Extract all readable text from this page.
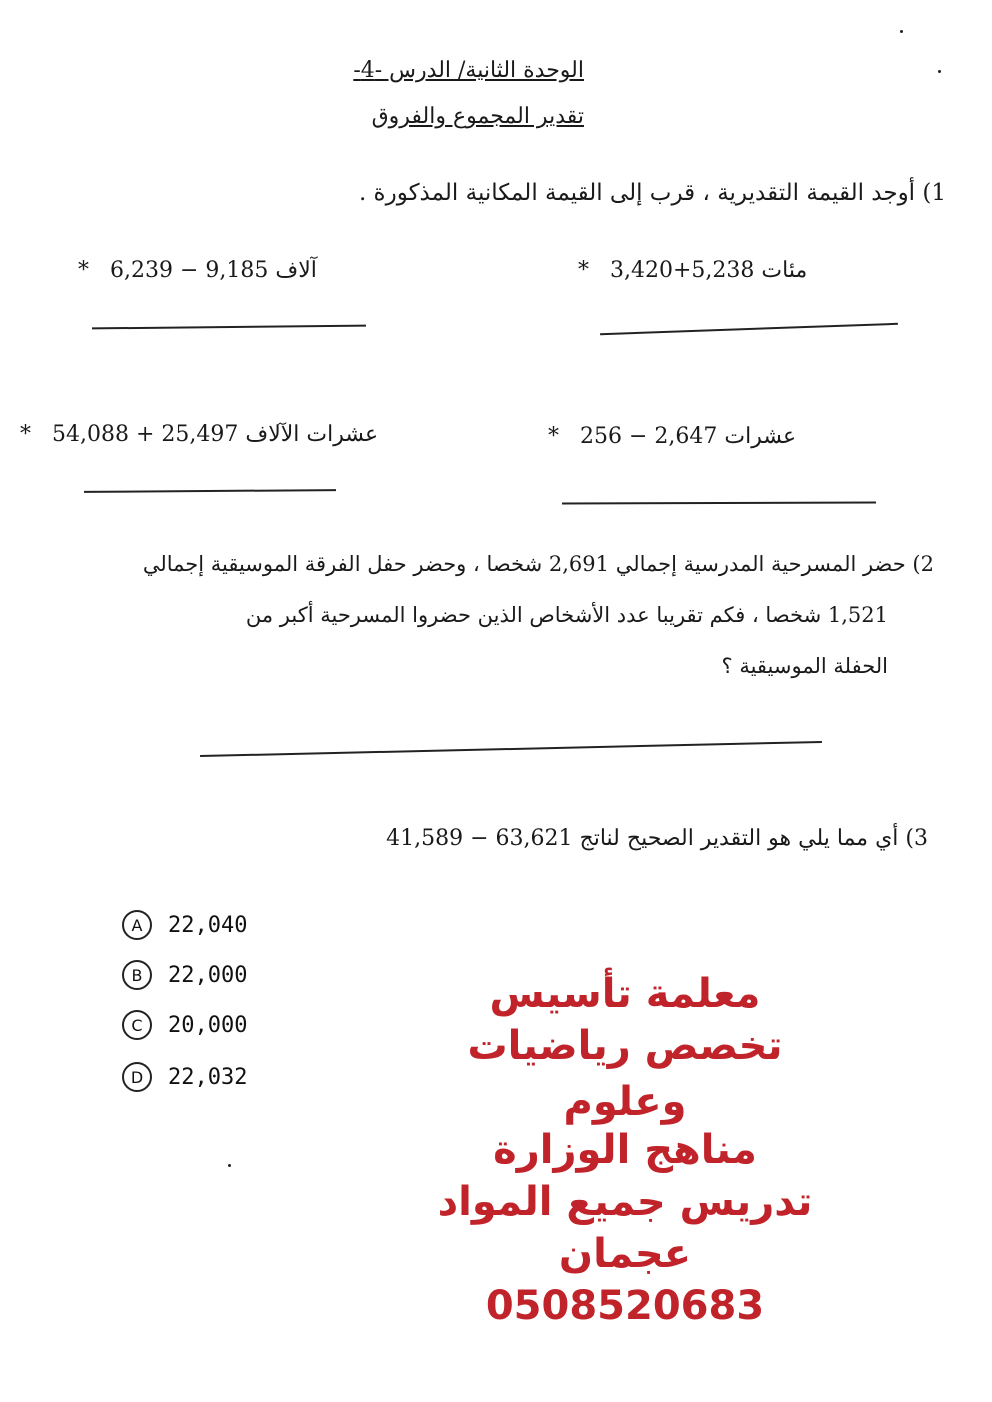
الوحدة الثانية/ الدرس -4-
تقدير المجموع والفروق
1) أوجد القيمة التقديرية ، قرب إلى القيمة المكانية المذكورة .
* آلاف 9,185 − 6,239	* مئات 5,238+3,420
* عشرات الآلاف 25,497 + 54,088	* عشرات 2,647 − 256
2) حضر المسرحية المدرسية إجمالي 2,691 شخصا ، وحضر حفل الفرقة الموسيقية إجمالي
1,521 شخصا ، فكم تقريبا عدد الأشخاص الذين حضروا المسرحية أكبر من
الحفلة الموسيقية ؟
3) أي مما يلي هو التقدير الصحيح لناتج 63,621 − 41,589
A	22,040
B	22,000
C	20,000
D	22,032
معلمة تأسيس
تخصص رياضيات
وعلوم
مناهج الوزارة
تدريس جميع المواد
عجمان
0508520683
